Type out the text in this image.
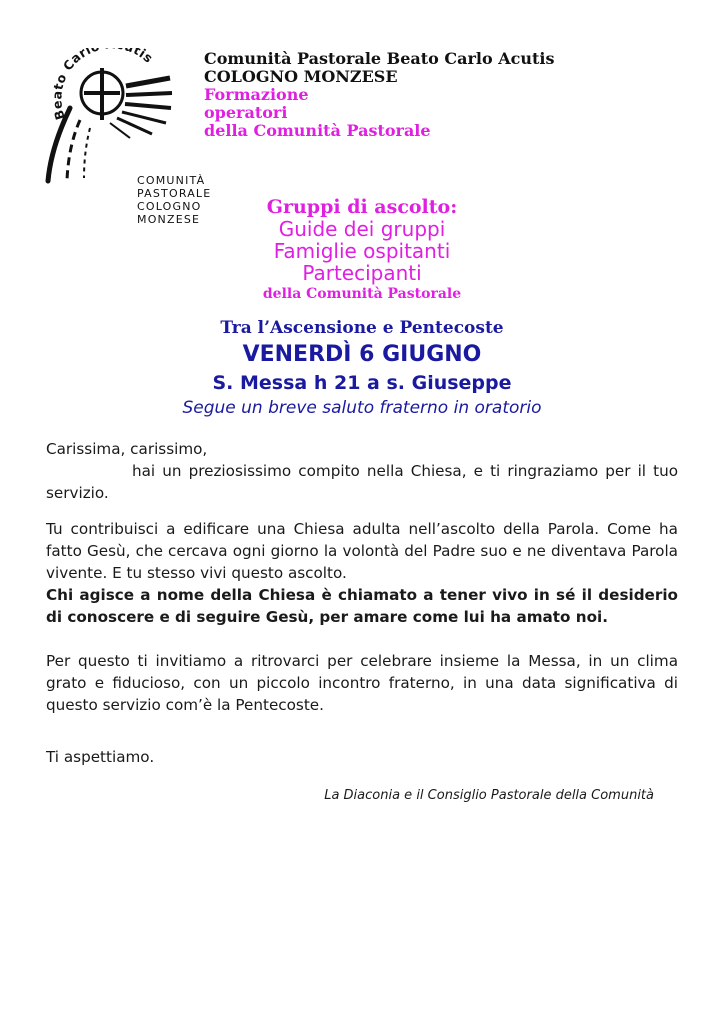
Beato Carl tis
COMUNITÀ
PASTORALE
COLOGNO
MONZESE
Comunità Pastorale Beato Carlo Acutis
COLOGNO MONZESE
Formazione
operatori
della Comunità Pastorale
Gruppi di ascolto:
Guide dei gruppi
Famiglie ospitanti
Partecipanti
della Comunità Pastorale
Tra l’Ascensione e Pentecoste
VENERDÌ 6 GIUGNO
S. Messa h 21 a s. Giuseppe
Segue un breve saluto fraterno in oratorio

Carissima, carissimo,

hai un preziosissimo compito nella Chiesa, e ti ringraziamo per il tuo servizio.

Tu contribuisci a edificare una Chiesa adulta nell’ascolto della Parola. Come ha fatto Gesù, che cercava ogni giorno la volontà del Padre suo e ne diventava Parola vivente. E tu stesso vivi questo ascolto.

Chi agisce a nome della Chiesa è chiamato a tener vivo in sé il desiderio di conoscere e di seguire Gesù, per amare come lui ha amato noi.

Per questo ti invitiamo a ritrovarci per celebrare insieme la Messa, in un clima grato e fiducioso, con un piccolo incontro fraterno, in una data significativa di questo servizio com’è la Pentecoste.
Ti aspettiamo.
La Diaconia e il Consiglio Pastorale della Comunità
